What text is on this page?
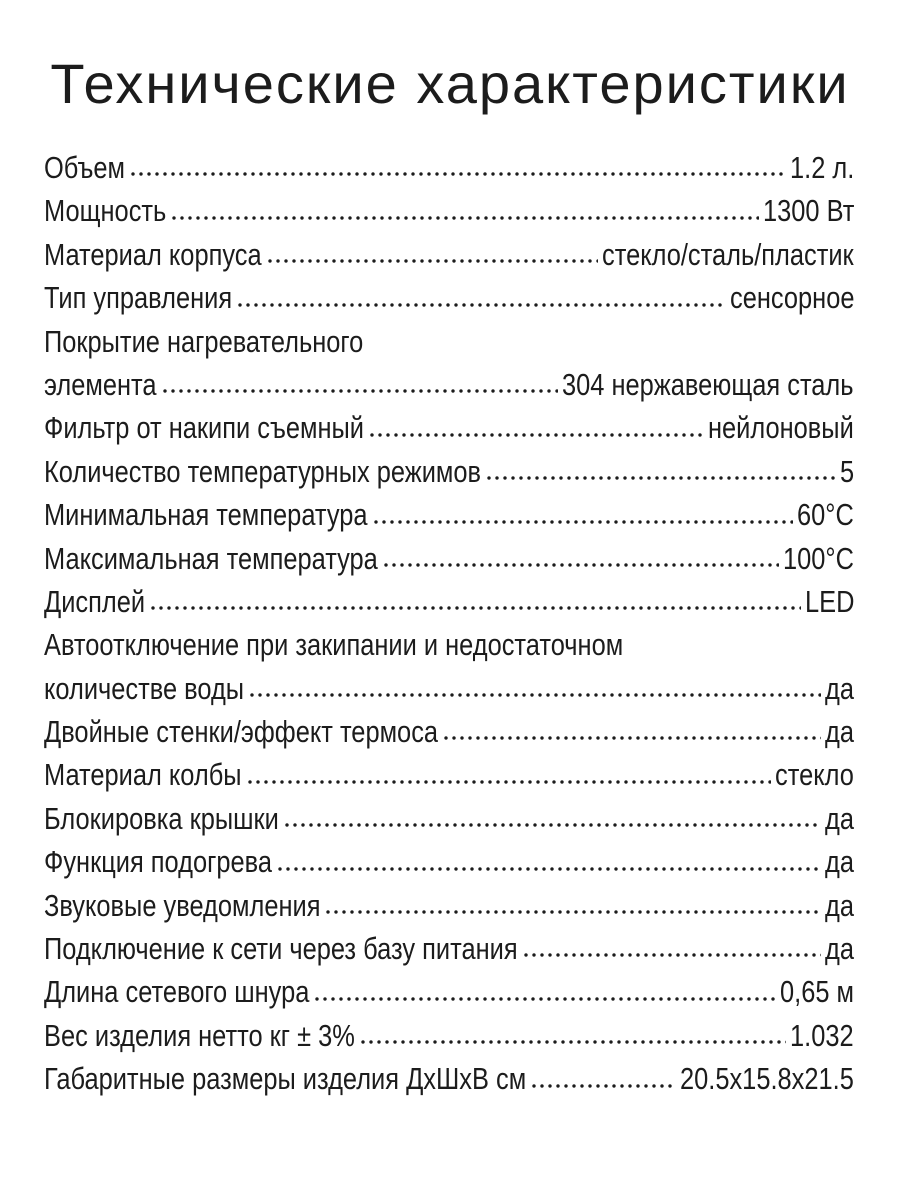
Технические характеристики
Объем	1.2 л.
Мощность	1300 Вт
Материал корпуса	стекло/сталь/пластик
Тип управления	сенсорное
Покрытие нагревательного
элемента	304 нержавеющая сталь
Фильтр от накипи съемный	нейлоновый
Количество температурных режимов	5
Минимальная температура	60°С
Максимальная температура	100°С
Дисплей	LED
Автоотключение при закипании и недостаточном
количестве воды	да
Двойные стенки/эффект термоса	да
Материал колбы	стекло
Блокировка крышки	да
Функция подогрева	да
Звуковые уведомления	да
Подключение к сети через базу питания	да
Длина сетевого шнура	0,65 м
Вес изделия нетто кг ± 3%	1.032
Габаритные размеры изделия ДхШхВ см	20.5x15.8x21.5
